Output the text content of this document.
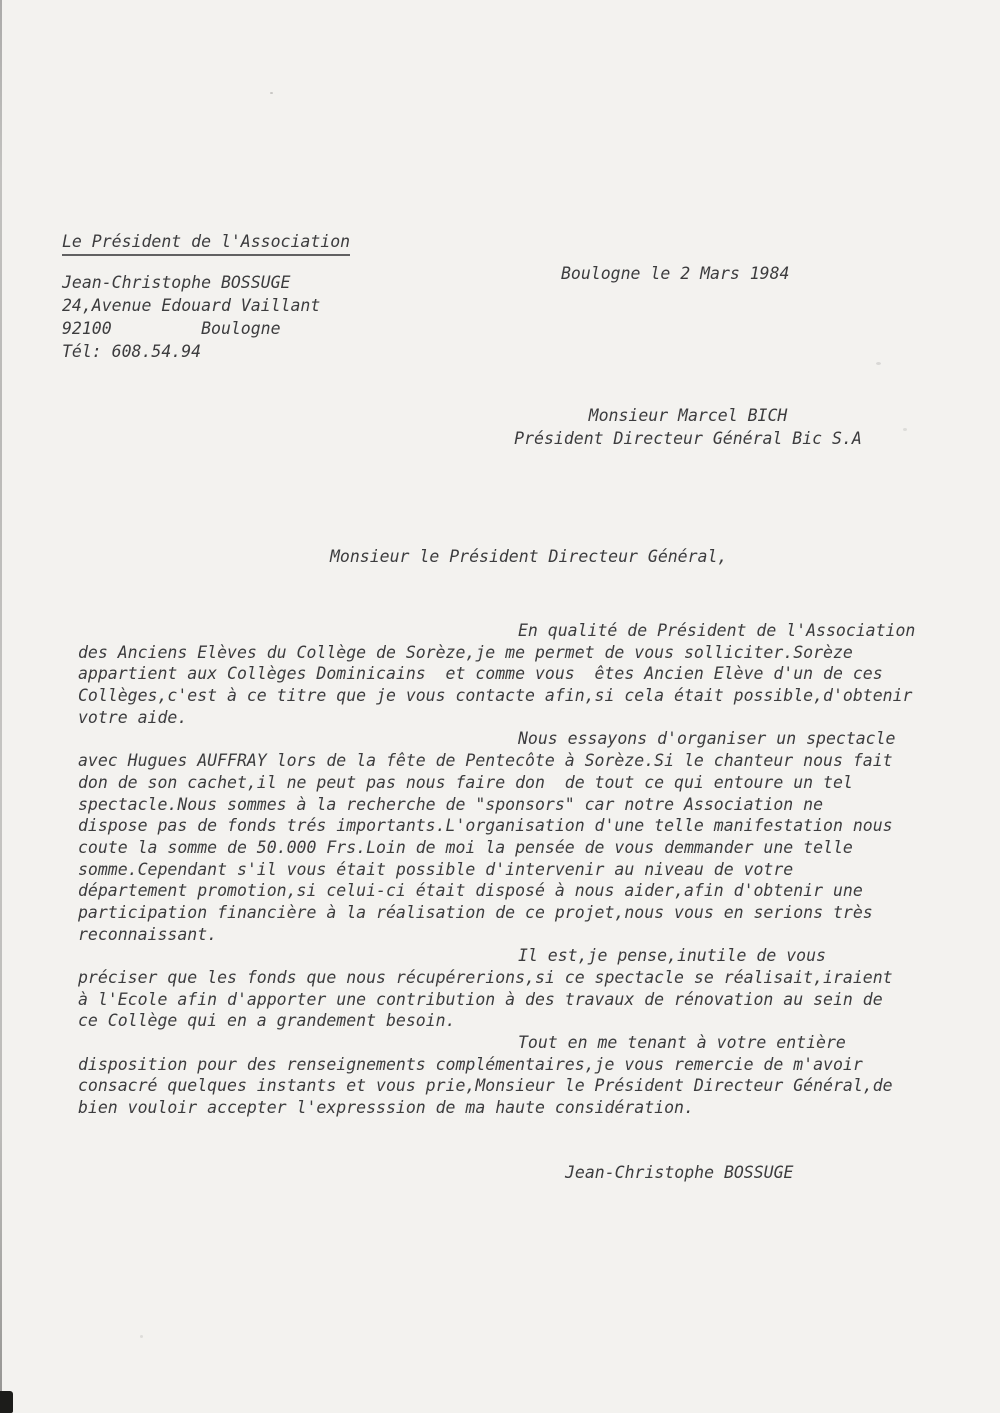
Le Président de l'Association
Jean-Christophe BOSSUGE
24,Avenue Edouard Vaillant
92100         Boulogne
Tél: 608.54.94
Boulogne le 2 Mars 1984
Monsieur Marcel BICH
Président Directeur Général Bic S.A
Monsieur le Président Directeur Général,
En qualité de Président de l'Association
des Anciens Elèves du Collège de Sorèze,je me permet de vous solliciter.Sorèze
appartient aux Collèges Dominicains  et comme vous  êtes Ancien Elève d'un de ces
Collèges,c'est à ce titre que je vous contacte afin,si cela était possible,d'obtenir
votre aide.
Nous essayons d'organiser un spectacle
avec Hugues AUFFRAY lors de la fête de Pentecôte à Sorèze.Si le chanteur nous fait
don de son cachet,il ne peut pas nous faire don  de tout ce qui entoure un tel
spectacle.Nous sommes à la recherche de "sponsors" car notre Association ne
dispose pas de fonds trés importants.L'organisation d'une telle manifestation nous
coute la somme de 50.000 Frs.Loin de moi la pensée de vous demmander une telle
somme.Cependant s'il vous était possible d'intervenir au niveau de votre
département promotion,si celui-ci était disposé à nous aider,afin d'obtenir une
participation financière à la réalisation de ce projet,nous vous en serions très
reconnaissant.
Il est,je pense,inutile de vous
préciser que les fonds que nous récupérerions,si ce spectacle se réalisait,iraient
à l'Ecole afin d'apporter une contribution à des travaux de rénovation au sein de
ce Collège qui en a grandement besoin.
Tout en me tenant à votre entière
disposition pour des renseignements complémentaires,je vous remercie de m'avoir
consacré quelques instants et vous prie,Monsieur le Président Directeur Général,de
bien vouloir accepter l'expresssion de ma haute considération.
Jean-Christophe BOSSUGE
